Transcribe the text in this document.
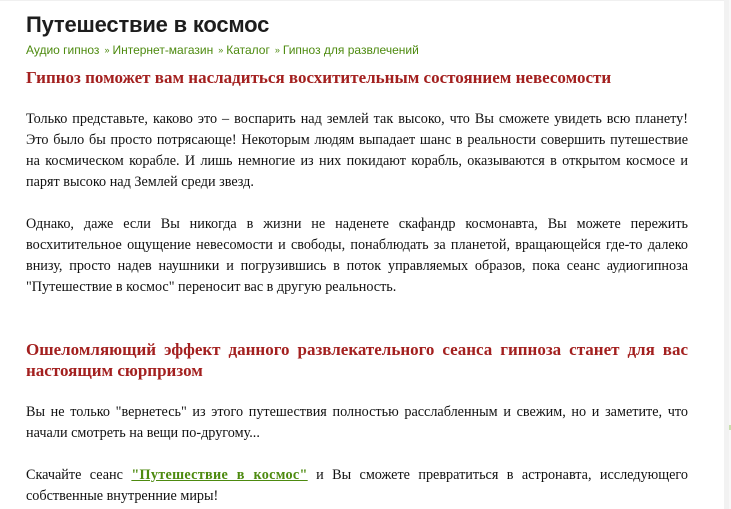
Путешествие в космос
Аудио гипноз » Интернет-магазин » Каталог » Гипноз для развлечений
Гипноз поможет вам насладиться восхитительным состоянием невесомости

Только представьте, каково это – воспарить над землей так высоко, что Вы сможете увидеть всю планету! Это было бы просто потрясающе! Некоторым людям выпадает шанс в реальности совершить путешествие на космическом корабле. И лишь немногие из них покидают корабль, оказываются в открытом космосе и парят высоко над Землей среди звезд.

Однако, даже если Вы никогда в жизни не наденете скафандр космонавта, Вы можете пережить восхитительное ощущение невесомости и свободы, понаблюдать за планетой, вращающейся где-то далеко внизу, просто надев наушники и погрузившись в поток управляемых образов, пока сеанс аудиогипноза "Путешествие в космос" переносит вас в другую реальность.

Ошеломляющий эффект данного развлекательного сеанса гипноза станет для вас настоящим сюрпризом

Вы не только "вернетесь" из этого путешествия полностью расслабленным и свежим, но и заметите, что начали смотреть на вещи по-другому...

Скачайте сеанс "Путешествие в космос" и Вы сможете превратиться в астронавта, исследующего собственные внутренние миры!
